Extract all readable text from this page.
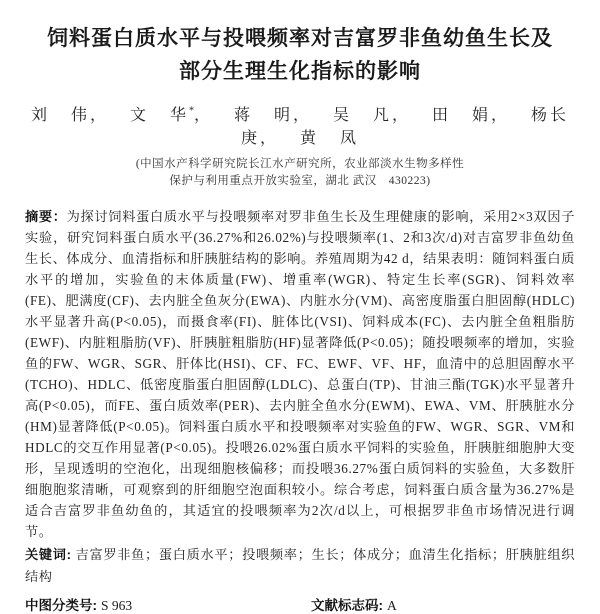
饲料蛋白质水平与投喂频率对吉富罗非鱼幼鱼生长及
部分生理生化指标的影响
刘 伟， 文 华*， 蒋 明， 吴 凡， 田 娟， 杨长庚， 黄 凤
(中国水产科学研究院长江水产研究所，农业部淡水生物多样性
保护与利用重点开放实验室，湖北 武汉　430223)

摘要：为探讨饲料蛋白质水平与投喂频率对罗非鱼生长及生理健康的影响，采用2×3双因子实验，研究饲料蛋白质水平(36.27%和26.02%)与投喂频率(1、2和3次/d)对吉富罗非鱼幼鱼生长、体成分、血清指标和肝胰脏结构的影响。养殖周期为42 d，结果表明：随饲料蛋白质水平的增加，实验鱼的末体质量(FW)、增重率(WGR)、特定生长率(SGR)、饲料效率(FE)、肥满度(CF)、去内脏全鱼灰分(EWA)、内脏水分(VM)、高密度脂蛋白胆固醇(HDLC)水平显著升高(P<0.05)，而摄食率(FI)、脏体比(VSI)、饲料成本(FC)、去内脏全鱼粗脂肪(EWF)、内脏粗脂肪(VF)、肝胰脏粗脂肪(HF)显著降低(P<0.05)；随投喂频率的增加，实验鱼的FW、WGR、SGR、肝体比(HSI)、CF、FC、EWF、VF、HF，血清中的总胆固醇水平(TCHO)、HDLC、低密度脂蛋白胆固醇(LDLC)、总蛋白(TP)、甘油三酯(TGK)水平显著升高(P<0.05)，而FE、蛋白质效率(PER)、去内脏全鱼水分(EWM)、EWA、VM、肝胰脏水分(HM)显著降低(P<0.05)。饲料蛋白质水平和投喂频率对实验鱼的FW、WGR、SGR、VM和HDLC的交互作用显著(P<0.05)。投喂26.02%蛋白质水平饲料的实验鱼，肝胰脏细胞肿大变形，呈现透明的空泡化，出现细胞核偏移；而投喂36.27%蛋白质饲料的实验鱼，大多数肝细胞胞浆清晰，可观察到的肝细胞空泡面积较小。综合考虑，饲料蛋白质含量为36.27%是适合吉富罗非鱼幼鱼的，其适宜的投喂频率为2次/d以上，可根据罗非鱼市场情况进行调节。

关键词: 吉富罗非鱼；蛋白质水平；投喂频率；生长；体成分；血清生化指标；肝胰脏组织结构

中图分类号: S 963	文献标志码: A
